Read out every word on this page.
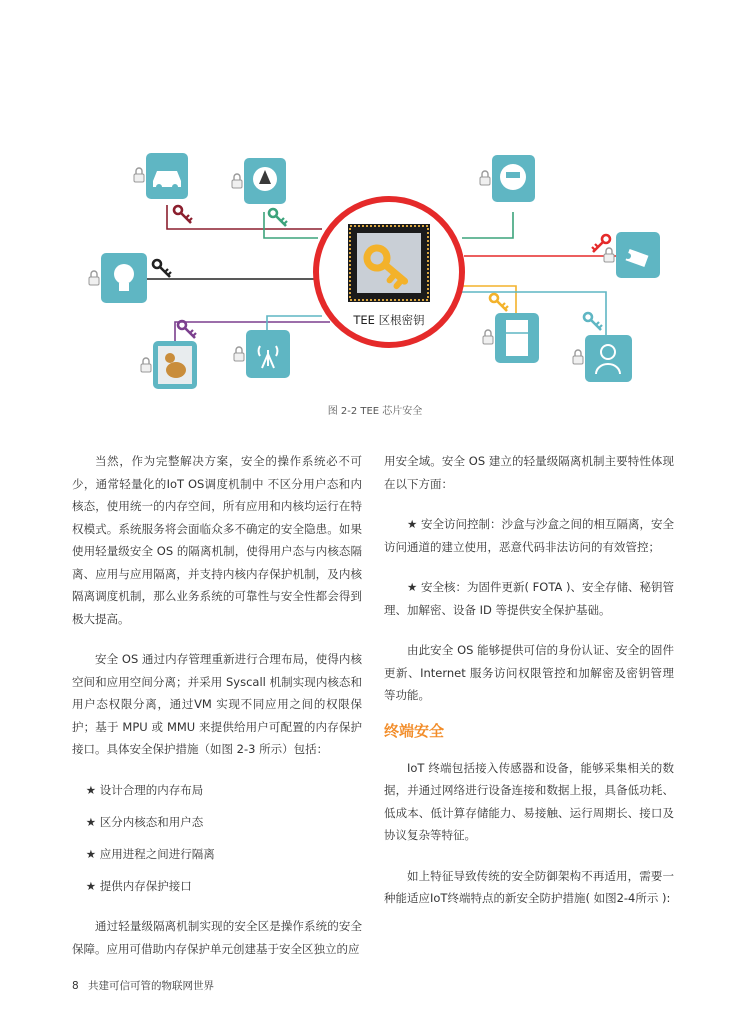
TEE 区根密钥
图 2-2 TEE 芯片安全

当然，作为完整解决方案，安全的操作系统必不可少，通常轻量化的IoT OS调度机制中 不区分用户态和内核态，使用统一的内存空间，所有应用和内核均运行在特权模式。系统服务将会面临众多不确定的安全隐患。如果使用轻量级安全 OS 的隔离机制，使得用户态与内核态隔离、应用与应用隔离，并支持内核内存保护机制，及内核隔离调度机制，那么业务系统的可靠性与安全性都会得到极大提高。

安全 OS 通过内存管理重新进行合理布局，使得内核空间和应用空间分离；并采用 Syscall 机制实现内核态和用户态权限分离，通过VM 实现不同应用之间的权限保护；基于 MPU 或 MMU 来提供给用户可配置的内存保护接口。具体安全保护措施（如图 2-3 所示）包括：

★ 设计合理的内存布局

★ 区分内核态和用户态

★ 应用进程之间进行隔离

★ 提供内存保护接口

通过轻量级隔离机制实现的安全区是操作系统的安全保障。应用可借助内存保护单元创建基于安全区独立的应

用安全域。安全 OS 建立的轻量级隔离机制主要特性体现在以下方面：

★ 安全访问控制：沙盒与沙盒之间的相互隔离，安全访问通道的建立使用，恶意代码非法访问的有效管控；

★ 安全核：为固件更新( FOTA )、安全存储、秘钥管理、加解密、设备 ID 等提供安全保护基础。

由此安全 OS 能够提供可信的身份认证、安全的固件更新、Internet 服务访问权限管控和加解密及密钥管理等功能。

终端安全

IoT 终端包括接入传感器和设备，能够采集相关的数据，并通过网络进行设备连接和数据上报，具备低功耗、低成本、低计算存储能力、易接触、运行周期长、接口及协议复杂等特征。

如上特征导致传统的安全防御架构不再适用，需要一种能适应IoT终端特点的新安全防护措施( 如图2-4所示 ):

8 共建可信可管的物联网世界
